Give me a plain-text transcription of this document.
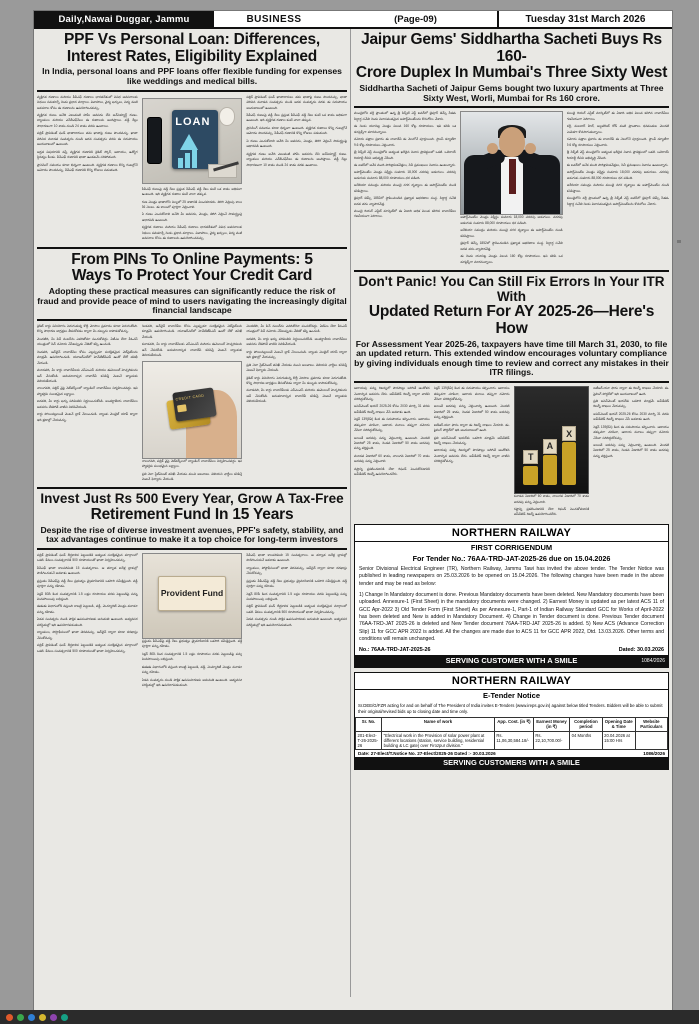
Daily,Nawai Duggar, Jammu	BUSINESS	(Page-09)	Tuesday 31st March 2026
PPF Vs Personal Loan: Differences,
Interest Rates, Eligibility Explained
In India, personal loans and PPF loans offer flexible funding for expenses like weddings and medical bills.

వ్యక్తిగత రుణాలు మరియు పీపీఎఫ్ రుణాలు భారతదేశంలో వివిధ అవసరాలకు నిధులు సమకూర్చే రెండు ప్రధాన మార్గాలు. వివాహాలు, వైద్య ఖర్చులు, విద్య వంటి అవసరాల కోసం ఈ రుణాలను ఉపయోగించవచ్చు.

వ్యక్తిగత రుణం అనేది ఎటువంటి హామీ అవసరం లేని అన్‌సెక్యూర్డ్ రుణం. బ్యాంకులు మరియు ఎన్‌బీఎఫ్‌సీలు ఈ రుణాలను అందిస్తాయి. వడ్డీ రేట్లు సాధారణంగా 10 శాతం నుండి 24 శాతం వరకు ఉంటాయి.

పబ్లిక్ ప్రావిడెంట్ ఫండ్ ఖాతాదారులు తమ ఖాతాపై రుణం పొందవచ్చు. ఖాతా తెరిచిన మూడవ సంవత్సరం నుండి ఆరవ సంవత్సరం వరకు ఈ సదుపాయం అందుబాటులో ఉంటుంది.

అర్హత విషయానికి వస్తే, వ్యక్తిగత రుణానికి క్రెడిట్ స్కోర్, ఆదాయం, ఉద్యోగ స్థిరత్వం కీలకం. పీపీఎఫ్ రుణానికి ఖాతా ఉండటమే సరిపోతుంది.

ప్రాసెసింగ్ సమయం కూడా భిన్నంగా ఉంటుంది. వ్యక్తిగత రుణాలు కొన్ని గంటల్లోనే ఆమోదం పొందవచ్చు, పీపీఎఫ్ రుణానికి కొన్ని రోజులు పడుతుంది.

LOAN

పీపీఎఫ్ రుణంపై వడ్డీ రేటు ప్రస్తుత పీపీఎఫ్ వడ్డీ రేటు కంటే ఒక శాతం అధికంగా ఉంటుంది. ఇది వ్యక్తిగత రుణాల కంటే చాలా తక్కువ.

రుణ మొత్తం ఖాతాలోని నిల్వలో 25 శాతానికి మించకూడదు. తిరిగి చెల్లింపు కాలం 36 నెలలు. ఈ కాలంలో పూర్తిగా చెల్లించాలి.

ఏ రుణం ఎంచుకోవాలి అనేది మీ అవసరం, మొత్తం, తిరిగి చెల్లించే సామర్థ్యంపై ఆధారపడి ఉంటుంది.

వ్యక్తిగత రుణాలు మరియు పీపీఎఫ్ రుణాలు భారతదేశంలో వివిధ అవసరాలకు నిధులు సమకూర్చే రెండు ప్రధాన మార్గాలు. వివాహాలు, వైద్య ఖర్చులు, విద్య వంటి అవసరాల కోసం ఈ రుణాలను ఉపయోగించవచ్చు.

పబ్లిక్ ప్రావిడెంట్ ఫండ్ ఖాతాదారులు తమ ఖాతాపై రుణం పొందవచ్చు. ఖాతా తెరిచిన మూడవ సంవత్సరం నుండి ఆరవ సంవత్సరం వరకు ఈ సదుపాయం అందుబాటులో ఉంటుంది.

పీపీఎఫ్ రుణంపై వడ్డీ రేటు ప్రస్తుత పీపీఎఫ్ వడ్డీ రేటు కంటే ఒక శాతం అధికంగా ఉంటుంది. ఇది వ్యక్తిగత రుణాల కంటే చాలా తక్కువ.

ప్రాసెసింగ్ సమయం కూడా భిన్నంగా ఉంటుంది. వ్యక్తిగత రుణాలు కొన్ని గంటల్లోనే ఆమోదం పొందవచ్చు, పీపీఎఫ్ రుణానికి కొన్ని రోజులు పడుతుంది.

ఏ రుణం ఎంచుకోవాలి అనేది మీ అవసరం, మొత్తం, తిరిగి చెల్లించే సామర్థ్యంపై ఆధారపడి ఉంటుంది.

వ్యక్తిగత రుణం అనేది ఎటువంటి హామీ అవసరం లేని అన్‌సెక్యూర్డ్ రుణం. బ్యాంకులు మరియు ఎన్‌బీఎఫ్‌సీలు ఈ రుణాలను అందిస్తాయి. వడ్డీ రేట్లు సాధారణంగా 10 శాతం నుండి 24 శాతం వరకు ఉంటాయి.

From PINs To Online Payments: 5
Ways To Protect Your Credit Card
Adopting these practical measures can significantly reduce the risk of fraud and provide peace of mind to users navigating the increasingly digital financial landscape

క్రెడిట్ కార్డు వినియోగం పెరుగుతున్న కొద్దీ మోసాల ప్రమాదం కూడా పెరుగుతోంది. కొన్ని సాధారణ జాగ్రత్తలు తీసుకోవడం ద్వారా మీ డబ్బును కాపాడుకోవచ్చు.

మొదటిది, మీ పిన్ నంబర్‌ను ఎవరితోనూ పంచుకోవద్దు. ఏటీఎం లేదా పీఓఎస్ యంత్రంలో పిన్ నమోదు చేసేటప్పుడు చేతితో కప్పి ఉంచండి.

రెండవది, ఆన్‌లైన్ లావాదేవీల కోసం ఎల్లప్పుడూ సురక్షితమైన వెబ్‌సైట్‌లను మాత్రమే ఉపయోగించండి. యూఆర్‌ఎల్‌లో హెచ్‌టీటీపీఎస్ ఉందో లేదో తనిఖీ చేయండి.

మూడవది, మీ కార్డు లావాదేవీలకు ఎస్ఎంఎస్ మరియు ఈమెయిల్ హెచ్చరికలను ఆన్ చేసుకోండి. అనుమానాస్పద లావాదేవీ కనిపిస్తే వెంటనే బ్యాంకుకు తెలియజేయండి.

నాలుగవది, పబ్లిక్ వైఫై నెట్‌వర్క్‌లలో బ్యాంకింగ్ లావాదేవీలు నిర్వహించవద్దు. ఇవి హ్యాకర్లకు సులభమైన లక్ష్యాలు.

ఐదవది, మీ కార్డు ఖర్చు పరిమితిని నిర్ణయించుకోండి. అంతర్జాతీయ లావాదేవీలు అవసరం లేకపోతే వాటిని నిలిపివేయండి.

కార్డు పోయినట్లయితే వెంటనే బ్లాక్ చేయించండి. బ్యాంకు మొబైల్ యాప్ ద్వారా ఇది క్షణాల్లో చేయవచ్చు.

రెండవది, ఆన్‌లైన్ లావాదేవీల కోసం ఎల్లప్పుడూ సురక్షితమైన వెబ్‌సైట్‌లను మాత్రమే ఉపయోగించండి. యూఆర్‌ఎల్‌లో హెచ్‌టీటీపీఎస్ ఉందో లేదో తనిఖీ చేయండి.

మూడవది, మీ కార్డు లావాదేవీలకు ఎస్ఎంఎస్ మరియు ఈమెయిల్ హెచ్చరికలను ఆన్ చేసుకోండి. అనుమానాస్పద లావాదేవీ కనిపిస్తే వెంటనే బ్యాంకుకు తెలియజేయండి.

CREDIT CARD

నాలుగవది, పబ్లిక్ వైఫై నెట్‌వర్క్‌లలో బ్యాంకింగ్ లావాదేవీలు నిర్వహించవద్దు. ఇవి హ్యాకర్లకు సులభమైన లక్ష్యాలు.

ప్రతి నెలా స్టేట్‌మెంట్ తనిఖీ చేయడం మంచి అలవాటు. తెలియని ఛార్జీలు కనిపిస్తే వెంటనే ఫిర్యాదు చేయండి.

మొదటిది, మీ పిన్ నంబర్‌ను ఎవరితోనూ పంచుకోవద్దు. ఏటీఎం లేదా పీఓఎస్ యంత్రంలో పిన్ నమోదు చేసేటప్పుడు చేతితో కప్పి ఉంచండి.

ఐదవది, మీ కార్డు ఖర్చు పరిమితిని నిర్ణయించుకోండి. అంతర్జాతీయ లావాదేవీలు అవసరం లేకపోతే వాటిని నిలిపివేయండి.

కార్డు పోయినట్లయితే వెంటనే బ్లాక్ చేయించండి. బ్యాంకు మొబైల్ యాప్ ద్వారా ఇది క్షణాల్లో చేయవచ్చు.

ప్రతి నెలా స్టేట్‌మెంట్ తనిఖీ చేయడం మంచి అలవాటు. తెలియని ఛార్జీలు కనిపిస్తే వెంటనే ఫిర్యాదు చేయండి.

క్రెడిట్ కార్డు వినియోగం పెరుగుతున్న కొద్దీ మోసాల ప్రమాదం కూడా పెరుగుతోంది. కొన్ని సాధారణ జాగ్రత్తలు తీసుకోవడం ద్వారా మీ డబ్బును కాపాడుకోవచ్చు.

మూడవది, మీ కార్డు లావాదేవీలకు ఎస్ఎంఎస్ మరియు ఈమెయిల్ హెచ్చరికలను ఆన్ చేసుకోండి. అనుమానాస్పద లావాదేవీ కనిపిస్తే వెంటనే బ్యాంకుకు తెలియజేయండి.

Invest Just Rs 500 Every Year, Grow A Tax-Free
Retirement Fund In 15 Years
Despite the rise of diverse investment avenues, PPF's safety, stability, and tax advantages continue to make it a top choice for long-term investors

పబ్లిక్ ప్రావిడెంట్ ఫండ్ దీర్ఘకాలిక పెట్టుబడికి అత్యంత సురక్షితమైన మార్గాలలో ఒకటి. కేవలం సంవత్సరానికి 500 రూపాయలతో ఖాతా నిర్వహించవచ్చు.

పీపీఎఫ్ ఖాతా కాలపరిమితి 15 సంవత్సరాలు. ఆ తర్వాత ఐదేళ్ల బ్లాకుల్లో పొడిగించుకునే అవకాశం ఉంటుంది.

ప్రస్తుతం పీపీఎఫ్‌పై వడ్డీ రేటు ప్రభుత్వం త్రైమాసికానికి ఒకసారి సమీక్షిస్తుంది. వడ్డీ పూర్తిగా పన్ను రహితం.

సెక్షన్ 80సీ కింద సంవత్సరానికి 1.5 లక్షల రూపాయల వరకు పెట్టుబడిపై పన్ను మినహాయింపు లభిస్తుంది.

ఈఈఈ విభాగంలోకి వస్తుంది కాబట్టి పెట్టుబడి, వడ్డీ, మెచ్యూరిటీ మొత్తం మూడూ పన్ను రహితం.

ఏడవ సంవత్సరం నుండి పాక్షిక ఉపసంహరణకు అనుమతి ఉంటుంది. అత్యవసర పరిస్థితుల్లో ఇది ఉపయోగపడుతుంది.

బ్యాంకులు, పోస్టాఫీసులలో ఖాతా తెరవవచ్చు. ఆన్‌లైన్ ద్వారా కూడా దరఖాస్తు చేసుకోవచ్చు.

పబ్లిక్ ప్రావిడెంట్ ఫండ్ దీర్ఘకాలిక పెట్టుబడికి అత్యంత సురక్షితమైన మార్గాలలో ఒకటి. కేవలం సంవత్సరానికి 500 రూపాయలతో ఖాతా నిర్వహించవచ్చు.

Provident Fund

ప్రస్తుతం పీపీఎఫ్‌పై వడ్డీ రేటు ప్రభుత్వం త్రైమాసికానికి ఒకసారి సమీక్షిస్తుంది. వడ్డీ పూర్తిగా పన్ను రహితం.

సెక్షన్ 80సీ కింద సంవత్సరానికి 1.5 లక్షల రూపాయల వరకు పెట్టుబడిపై పన్ను మినహాయింపు లభిస్తుంది.

ఈఈఈ విభాగంలోకి వస్తుంది కాబట్టి పెట్టుబడి, వడ్డీ, మెచ్యూరిటీ మొత్తం మూడూ పన్ను రహితం.

ఏడవ సంవత్సరం నుండి పాక్షిక ఉపసంహరణకు అనుమతి ఉంటుంది. అత్యవసర పరిస్థితుల్లో ఇది ఉపయోగపడుతుంది.

పీపీఎఫ్ ఖాతా కాలపరిమితి 15 సంవత్సరాలు. ఆ తర్వాత ఐదేళ్ల బ్లాకుల్లో పొడిగించుకునే అవకాశం ఉంటుంది.

బ్యాంకులు, పోస్టాఫీసులలో ఖాతా తెరవవచ్చు. ఆన్‌లైన్ ద్వారా కూడా దరఖాస్తు చేసుకోవచ్చు.

ప్రస్తుతం పీపీఎఫ్‌పై వడ్డీ రేటు ప్రభుత్వం త్రైమాసికానికి ఒకసారి సమీక్షిస్తుంది. వడ్డీ పూర్తిగా పన్ను రహితం.

సెక్షన్ 80సీ కింద సంవత్సరానికి 1.5 లక్షల రూపాయల వరకు పెట్టుబడిపై పన్ను మినహాయింపు లభిస్తుంది.

పబ్లిక్ ప్రావిడెంట్ ఫండ్ దీర్ఘకాలిక పెట్టుబడికి అత్యంత సురక్షితమైన మార్గాలలో ఒకటి. కేవలం సంవత్సరానికి 500 రూపాయలతో ఖాతా నిర్వహించవచ్చు.

ఏడవ సంవత్సరం నుండి పాక్షిక ఉపసంహరణకు అనుమతి ఉంటుంది. అత్యవసర పరిస్థితుల్లో ఇది ఉపయోగపడుతుంది.

Jaipur Gems' Siddhartha Sacheti Buys Rs 160-
Crore Duplex In Mumbai's Three Sixty West
Siddhartha Sacheti of Jaipur Gems bought two luxury apartments at Three Sixty West, Worli, Mumbai for Rs 160 crore.

ముంబైలోని వర్లీ ప్రాంతంలో ఉన్న త్రీ సిక్స్‌టీ వెస్ట్ టవర్‌లో జైపూర్ జెమ్స్ సీఈఓ సిద్ధార్థ సచేతి రెండు విలాసవంతమైన అపార్ట్‌మెంట్‌లను కొనుగోలు చేశారు.

ఈ రెండు యూనిట్ల మొత్తం విలువ 160 కోట్ల రూపాయలు. ఇవి కలిపి ఒక డూప్లెక్స్‌గా మారనున్నాయి.

నమోదు పత్రాల ప్రకారం ఈ లావాదేవీ ఈ నెలలోనే పూర్తయింది. స్టాంప్ డ్యూటీగా 9.6 కోట్ల రూపాయలు చెల్లించారు.

త్రీ సిక్స్‌టీ వెస్ట్ ముంబైలోని అత్యంత ఖరీదైన నివాస ప్రాజెక్టులలో ఒకటి. ఒబెరాయ్ రియాల్టీ దీనిని అభివృద్ధి చేసింది.

ఈ టవర్‌లో అనేక మంది పారిశ్రామికవేత్తలు, సినీ ప్రముఖులు నివాసం ఉంటున్నారు.

అపార్ట్‌మెంట్‌ల మొత్తం విస్తీర్ణం సుమారు 18,000 చదరపు అడుగులు. చదరపు అడుగుకు సుమారు 88,000 రూపాయలు ధర పడింది.

అరేబియా సముద్రం మరియు ముంబై నగర దృశ్యాలు ఈ అపార్ట్‌మెంట్‌ల నుండి కనిపిస్తాయి.

జైపూర్ జెమ్స్ 1852లో స్థాపించబడిన ప్రఖ్యాత ఆభరణాల సంస్థ. సిద్ధార్థ సచేతి ఐదవ తరం వ్యాపారవేత్త.

ముంబై రియల్ ఎస్టేట్ మార్కెట్‌లో ఈ ఏడాది అధిక విలువ కలిగిన లావాదేవీలు గణనీయంగా పెరిగాయి.	అపార్ట్‌మెంట్‌ల మొత్తం విస్తీర్ణం సుమారు 18,000 చదరపు అడుగులు. చదరపు అడుగుకు సుమారు 88,000 రూపాయలు ధర పడింది.

అరేబియా సముద్రం మరియు ముంబై నగర దృశ్యాలు ఈ అపార్ట్‌మెంట్‌ల నుండి కనిపిస్తాయి.

జైపూర్ జెమ్స్ 1852లో స్థాపించబడిన ప్రఖ్యాత ఆభరణాల సంస్థ. సిద్ధార్థ సచేతి ఐదవ తరం వ్యాపారవేత్త.

ఈ రెండు యూనిట్ల మొత్తం విలువ 160 కోట్ల రూపాయలు. ఇవి కలిపి ఒక డూప్లెక్స్‌గా మారనున్నాయి.

ముంబై రియల్ ఎస్టేట్ మార్కెట్‌లో ఈ ఏడాది అధిక విలువ కలిగిన లావాదేవీలు గణనీయంగా పెరిగాయి.

వర్లీ, మలబార్ హిల్, అల్టమౌంట్ రోడ్ వంటి ప్రాంతాలు ధనవంతుల మొదటి ఎంపికగా కొనసాగుతున్నాయి.

నమోదు పత్రాల ప్రకారం ఈ లావాదేవీ ఈ నెలలోనే పూర్తయింది. స్టాంప్ డ్యూటీగా 9.6 కోట్ల రూపాయలు చెల్లించారు.

త్రీ సిక్స్‌టీ వెస్ట్ ముంబైలోని అత్యంత ఖరీదైన నివాస ప్రాజెక్టులలో ఒకటి. ఒబెరాయ్ రియాల్టీ దీనిని అభివృద్ధి చేసింది.

ఈ టవర్‌లో అనేక మంది పారిశ్రామికవేత్తలు, సినీ ప్రముఖులు నివాసం ఉంటున్నారు.

అపార్ట్‌మెంట్‌ల మొత్తం విస్తీర్ణం సుమారు 18,000 చదరపు అడుగులు. చదరపు అడుగుకు సుమారు 88,000 రూపాయలు ధర పడింది.

అరేబియా సముద్రం మరియు ముంబై నగర దృశ్యాలు ఈ అపార్ట్‌మెంట్‌ల నుండి కనిపిస్తాయి.

ముంబైలోని వర్లీ ప్రాంతంలో ఉన్న త్రీ సిక్స్‌టీ వెస్ట్ టవర్‌లో జైపూర్ జెమ్స్ సీఈఓ సిద్ధార్థ సచేతి రెండు విలాసవంతమైన అపార్ట్‌మెంట్‌లను కొనుగోలు చేశారు.

Don't Panic! You Can Still Fix Errors In Your ITR With
Updated Return For AY 2025-26—Here's How
For Assessment Year 2025-26, taxpayers have time till March 31, 2030, to file an updated return. This extended window encourages voluntary compliance by giving individuals enough time to review and correct any mistakes in their ITR filings.

ఆదాయపు పన్ను రిటర్నులో పొరపాట్లు జరిగితే ఆందోళన చెందాల్సిన అవసరం లేదు. అప్‌డేటెడ్ రిటర్న్ ద్వారా వాటిని సరిదిద్దుకోవచ్చు.

అసెస్‌మెంట్ ఇయర్ 2025-26 కోసం 2030 మార్చి 31 వరకు అప్‌డేటెడ్ రిటర్న్ దాఖలు చేసే అవకాశం ఉంది.

సెక్షన్ 139(8ఏ) కింద ఈ సదుపాయం కల్పించారు. ఆదాయం తక్కువగా చూపినా, ఆదాయ మూలం తప్పుగా నమోదు చేసినా సరిదిద్దుకోవచ్చు.

అయితే అదనపు పన్ను చెల్లించాల్సి ఉంటుంది. మొదటి ఏడాదిలో 25 శాతం, రెండవ ఏడాదిలో 50 శాతం అదనపు పన్ను వర్తిస్తుంది.

మూడవ ఏడాదిలో 60 శాతం, నాలుగవ ఏడాదిలో 70 శాతం అదనపు పన్ను చెల్లించాలి.

నష్టాన్ని ప్రకటించడానికి లేదా రిఫండ్ పెంచుకోవడానికి అప్‌డేటెడ్ రిటర్న్ ఉపయోగించలేరు.

సెక్షన్ 139(8ఏ) కింద ఈ సదుపాయం కల్పించారు. ఆదాయం తక్కువగా చూపినా, ఆదాయ మూలం తప్పుగా నమోదు చేసినా సరిదిద్దుకోవచ్చు.

అయితే అదనపు పన్ను చెల్లించాల్సి ఉంటుంది. మొదటి ఏడాదిలో 25 శాతం, రెండవ ఏడాదిలో 50 శాతం అదనపు పన్ను వర్తిస్తుంది.

ఐటీఆర్-యూ ఫారం ద్వారా ఈ రిటర్న్ దాఖలు చేయాలి. ఈ-ఫైలింగ్ పోర్టల్‌లో ఇది అందుబాటులో ఉంది.

ప్రతి అసెస్‌మెంట్ ఇయర్‌కు ఒకసారి మాత్రమే అప్‌డేటెడ్ రిటర్న్ దాఖలు చేయవచ్చు.

ఆదాయపు పన్ను రిటర్నులో పొరపాట్లు జరిగితే ఆందోళన చెందాల్సిన అవసరం లేదు. అప్‌డేటెడ్ రిటర్న్ ద్వారా వాటిని సరిదిద్దుకోవచ్చు.	T
A
X

మూడవ ఏడాదిలో 60 శాతం, నాలుగవ ఏడాదిలో 70 శాతం అదనపు పన్ను చెల్లించాలి.

నష్టాన్ని ప్రకటించడానికి లేదా రిఫండ్ పెంచుకోవడానికి అప్‌డేటెడ్ రిటర్న్ ఉపయోగించలేరు.

ఐటీఆర్-యూ ఫారం ద్వారా ఈ రిటర్న్ దాఖలు చేయాలి. ఈ-ఫైలింగ్ పోర్టల్‌లో ఇది అందుబాటులో ఉంది.

ప్రతి అసెస్‌మెంట్ ఇయర్‌కు ఒకసారి మాత్రమే అప్‌డేటెడ్ రిటర్న్ దాఖలు చేయవచ్చు.

అసెస్‌మెంట్ ఇయర్ 2025-26 కోసం 2030 మార్చి 31 వరకు అప్‌డేటెడ్ రిటర్న్ దాఖలు చేసే అవకాశం ఉంది.

సెక్షన్ 139(8ఏ) కింద ఈ సదుపాయం కల్పించారు. ఆదాయం తక్కువగా చూపినా, ఆదాయ మూలం తప్పుగా నమోదు చేసినా సరిదిద్దుకోవచ్చు.

అయితే అదనపు పన్ను చెల్లించాల్సి ఉంటుంది. మొదటి ఏడాదిలో 25 శాతం, రెండవ ఏడాదిలో 50 శాతం అదనపు పన్ను వర్తిస్తుంది.

NORTHERN RAILWAY
FIRST CORRIGENDUM
For Tender No.: 76AA-TRD-JAT-2025-26 due on 15.04.2026
Senior Divisional Electrical Engineer (TR), Northern Railway, Jammu Tawi has invited the above tender. The Tender Notice was published in leading newspapers on 25.03.2026 to be opened on 15.04.2026. The following changes have been made in the above tender and may be read as below:
1) Change In Mandatory document is done. Previous Mandatory documents have been deleted. New Mandatory documents have been uploaded. Annexure-1 (First Sheet) in the mandatory documents were changed. 2) Earnest Money is updated as per latest ACS 11 of GCC Apr-2022 3) Old Tender Form (First Sheet) As per Annexure-1, Part-1 of Indian Railway Standard GCC for Works of April-2022 has been deleted and New is added in Mandatory Document. 4) Change in Tender document is done. Previous Tender document 76AA-TRD-JAT 2025-26 is deleted and New Tender document 76AA-TRD-JAT 2025-26 is added. 5) New ACS (Advance Correction Slip) 11 for GCC APR 2022 is added. All the changes are made due to ACS 11 for GCC APR 2022, Dtd. 13.03.2026. Other terms and conditions will remain unchanged.
No.: 76AA-TRD-JAT-2025-26	Dated: 30.03.2026
SERVING CUSTOMER WITH A SMILE	1084/2026
NORTHERN RAILWAY
E-Tender Notice
Sr.DEE/G/FZR acting for and on behalf of The President of India invites E-Tenders (www.ireps.gov.in) against below titled Tenders. Bidders will be able to submit their original/revised bids up to closing date and time only.
Sr. No.	Name of work	App. Cost. (in ₹)	Earnest Money (in ₹)	Completion period	Opening Date & Time	Website Particulars
201-Elect-T-26-2025-26	"Electrical work in the Provision of solar power plant at different locations (station, service building, residential building & LC gate) over Firozpur division."	Rs. 11,06,30,584.18/-	Rs. 22,10,700.00/-	04 Months	20.04.2026 at 15:00 Hrs	
Date: 27-Elect/T.Notice No. 27-Elect/2025-26 Dated :- 30.03.2026	1086/2026
SERVING CUSTOMERS WITH A SMILE
